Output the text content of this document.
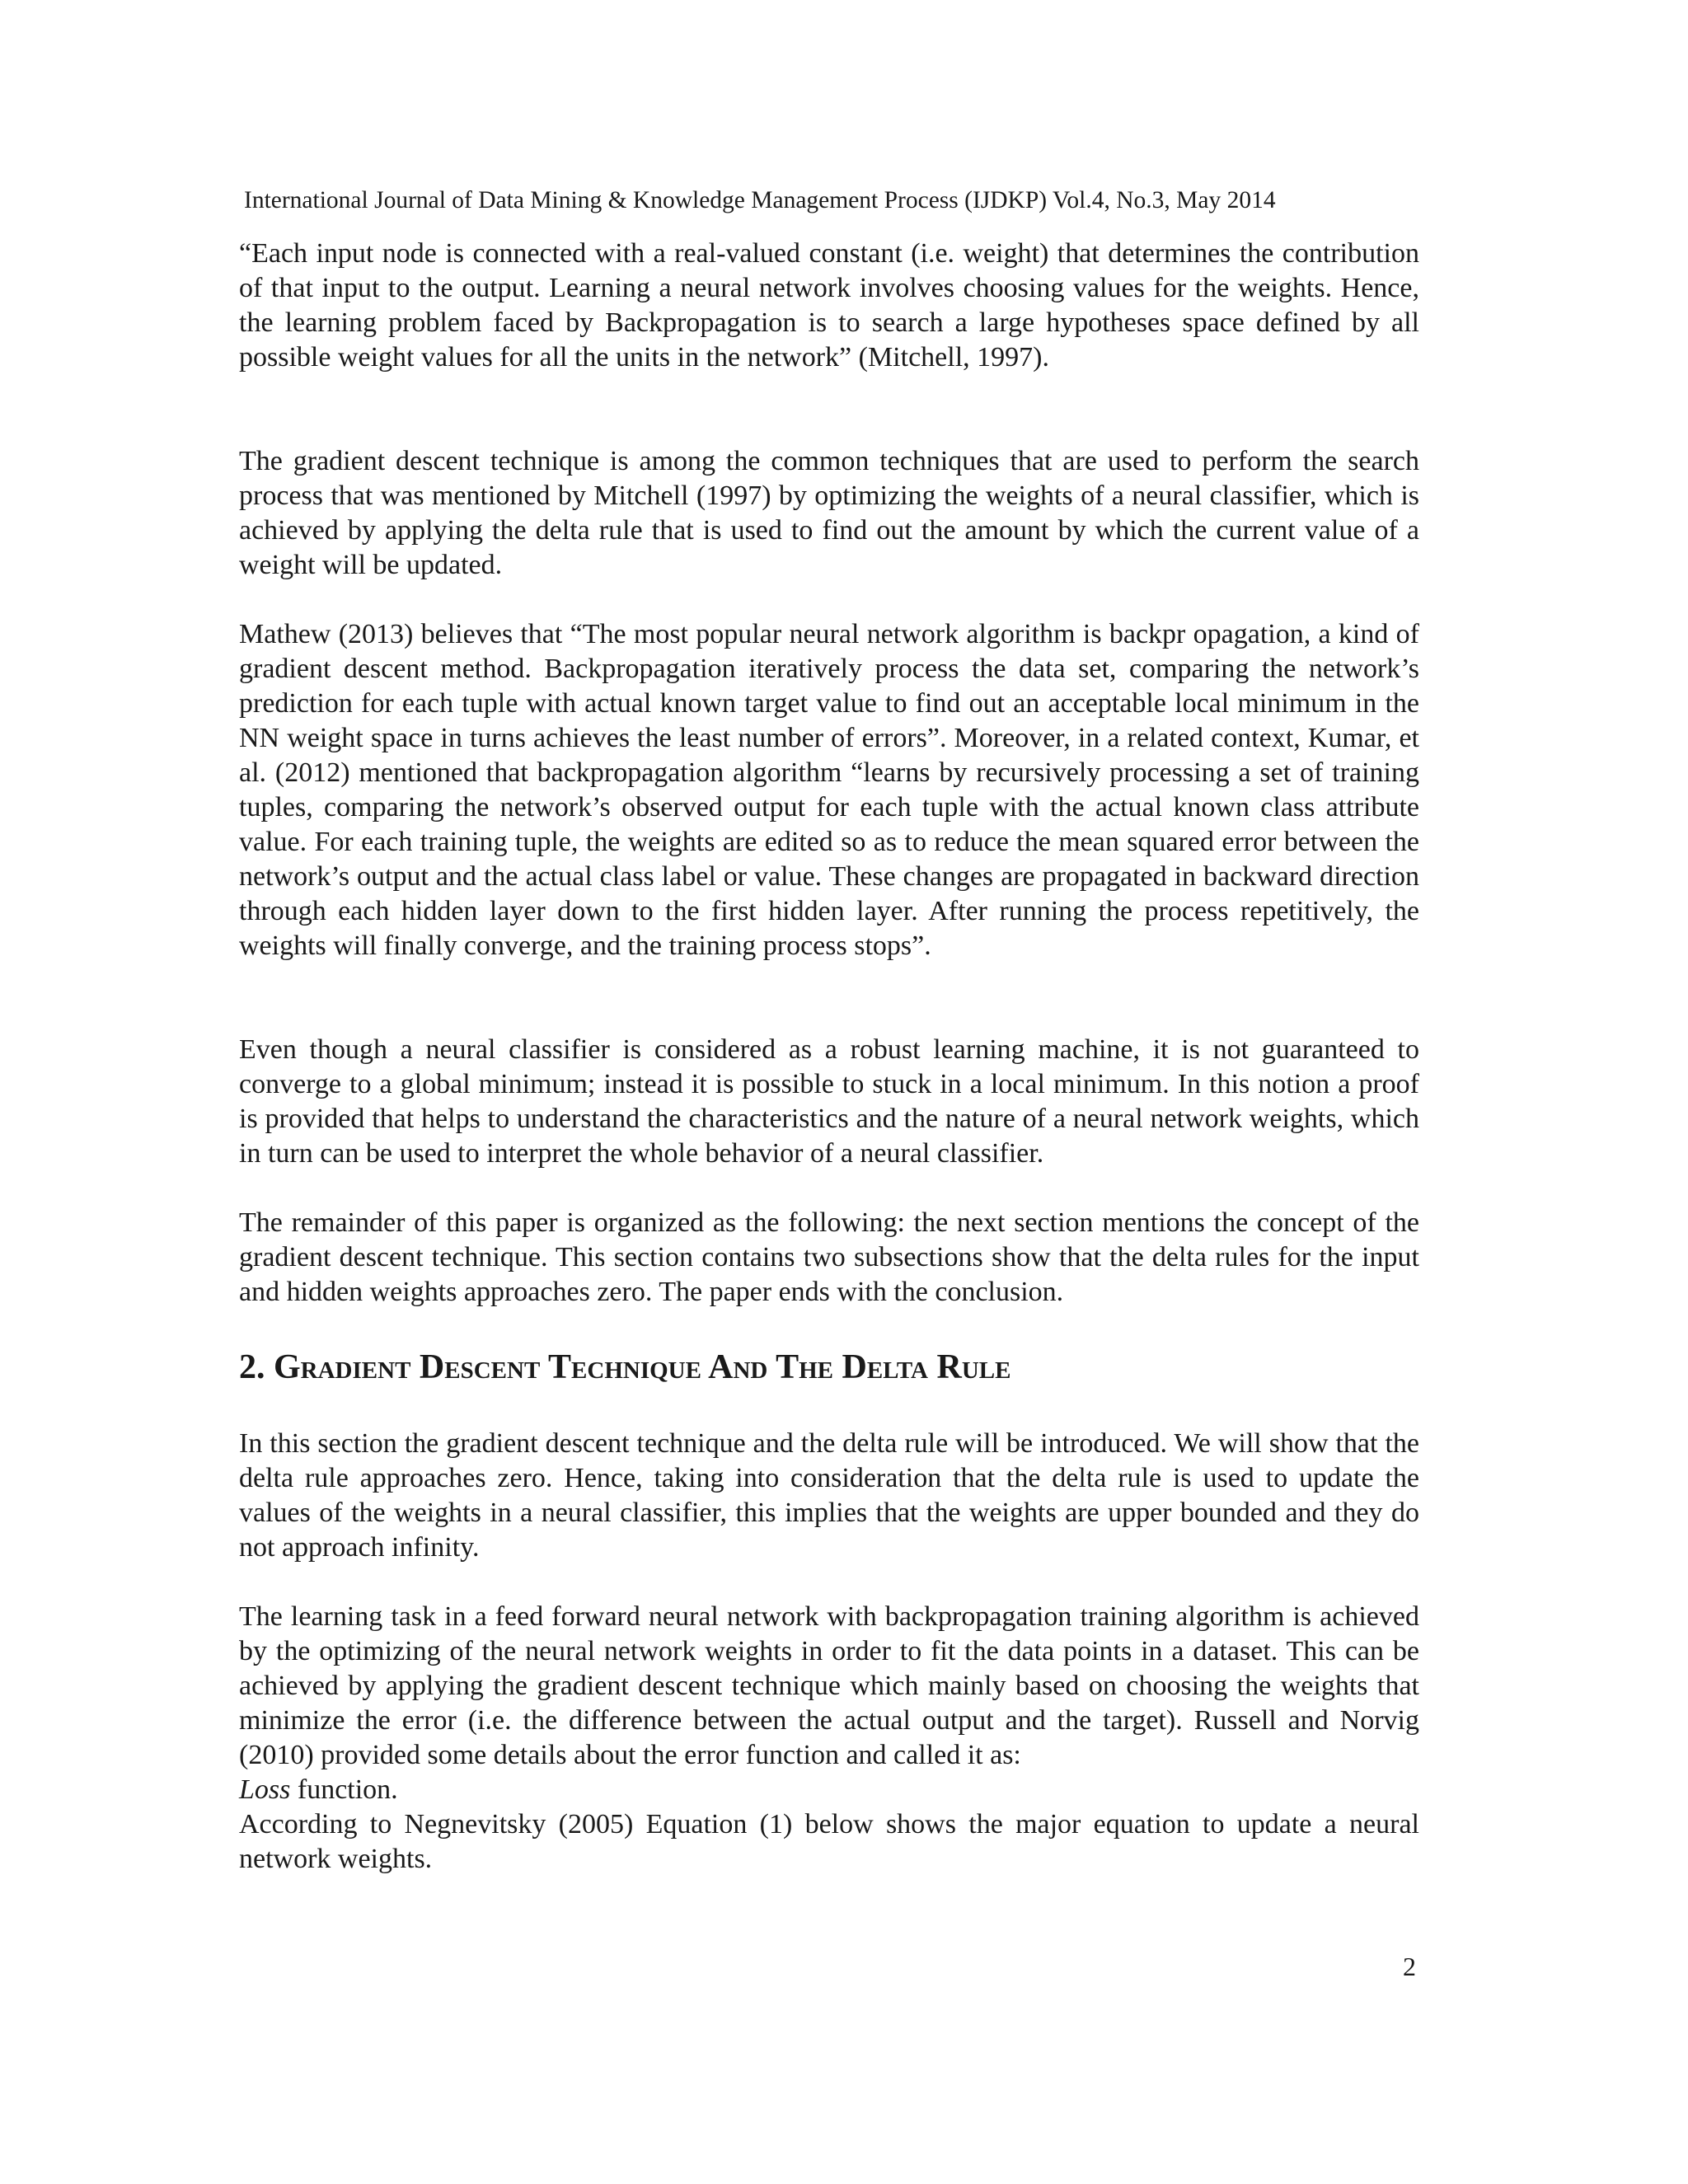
International Journal of Data Mining & Knowledge Management Process (IJDKP) Vol.4, No.3, May 2014

“Each input node is connected with a real-valued constant (i.e. weight) that determines the contribution of that input to the output. Learning a neural network involves choosing values for the weights. Hence, the learning problem faced by Backpropagation is to search a large hypotheses space defined by all possible weight values for all the units in the network” (Mitchell, 1997).

The gradient descent technique is among the common techniques that are used to perform the search process that was mentioned by Mitchell (1997) by optimizing the weights of a neural classifier, which is achieved by applying the delta rule that is used to find out the amount by which the current value of a weight will be updated.

Mathew (2013) believes that “The most popular neural network algorithm is backpr opagation, a kind of gradient descent method. Backpropagation iteratively process the data set, comparing the network’s prediction for each tuple with actual known target value to find out an acceptable local minimum in the NN weight space in turns achieves the least number of errors”. Moreover, in a related context, Kumar, et al. (2012) mentioned that backpropagation algorithm “learns by recursively processing a set of training tuples, comparing the network’s observed output for each tuple with the actual known class attribute value. For each training tuple, the weights are edited so as to reduce the mean squared error between the network’s output and the actual class label or value. These changes are propagated in backward direction through each hidden layer down to the first hidden layer. After running the process repetitively, the weights will finally converge, and the training process stops”.

Even though a neural classifier is considered as a robust learning machine, it is not guaranteed to converge to a global minimum; instead it is possible to stuck in a local minimum. In this notion a proof is provided that helps to understand the characteristics and the nature of a neural network weights, which in turn can be used to interpret the whole behavior of a neural classifier.

The remainder of this paper is organized as the following: the next section mentions the concept of the gradient descent technique. This section contains two subsections show that the delta rules for the input and hidden weights approaches zero. The paper ends with the conclusion.

2. Gradient Descent Technique And The Delta Rule

In this section the gradient descent technique and the delta rule will be introduced. We will show that the delta rule approaches zero. Hence, taking into consideration that the delta rule is used to update the values of the weights in a neural classifier, this implies that the weights are upper bounded and they do not approach infinity.

The learning task in a feed forward neural network with backpropagation training algorithm is achieved by the optimizing of the neural network weights in order to fit the data points in a dataset. This can be achieved by applying the gradient descent technique which mainly based on choosing the weights that minimize the error (i.e. the difference between the actual output and the target). Russell and Norvig (2010) provided some details about the error function and called it as:
Loss function.

According to Negnevitsky (2005) Equation (1) below shows the major equation to update a neural network weights.

2
